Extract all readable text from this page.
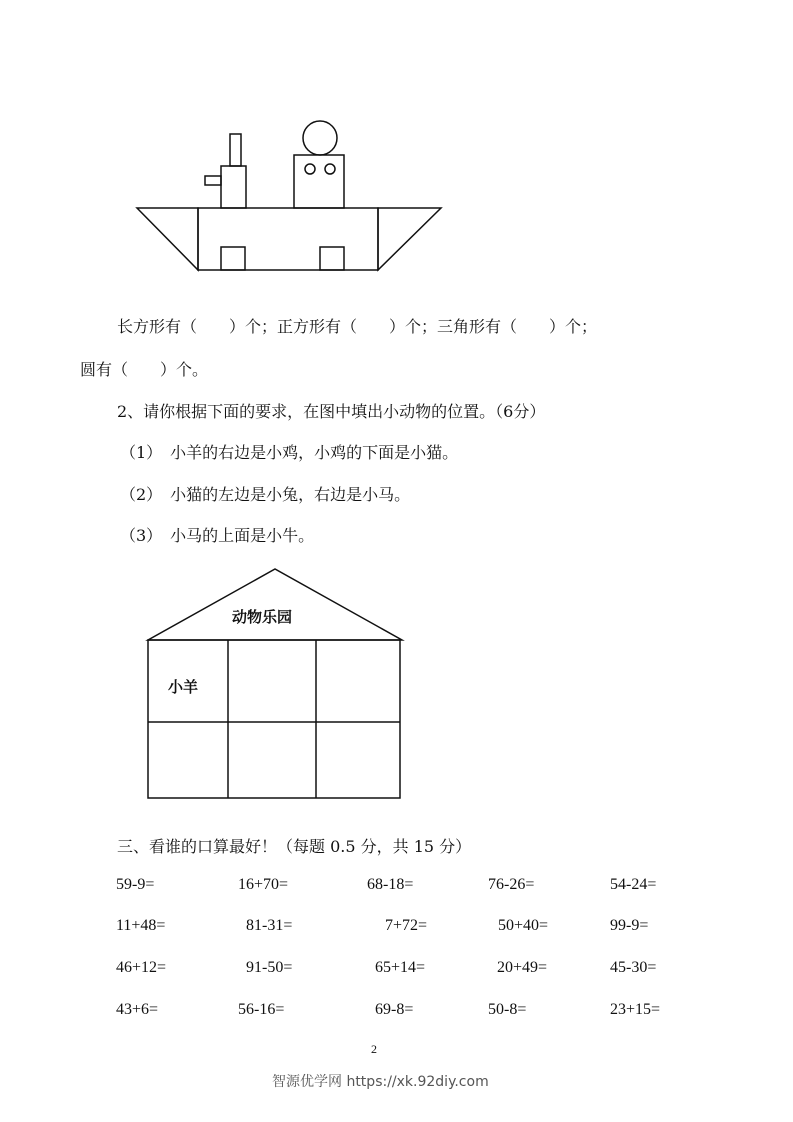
长方形有（　　）个；正方形有（　　）个；三角形有（　　）个；
圆有（　　）个。
2、请你根据下面的要求，在图中填出小动物的位置。（6分）
（1）　小羊的右边是小鸡，小鸡的下面是小猫。
（2）　小猫的左边是小兔，右边是小马。
（3）　小马的上面是小牛。
动物乐园
小羊
三、看谁的口算最好！（每题 0.5 分，共 15 分）
59-9=	16+70=	68-18=	76-26=	54-24=
11+48=	81-31=	7+72=	50+40=	99-9=
46+12=	91-50=	65+14=	20+49=	45-30=
43+6=	56-16=	69-8=	50-8=	23+15=
2
智源优学网 https://xk.92diy.com
